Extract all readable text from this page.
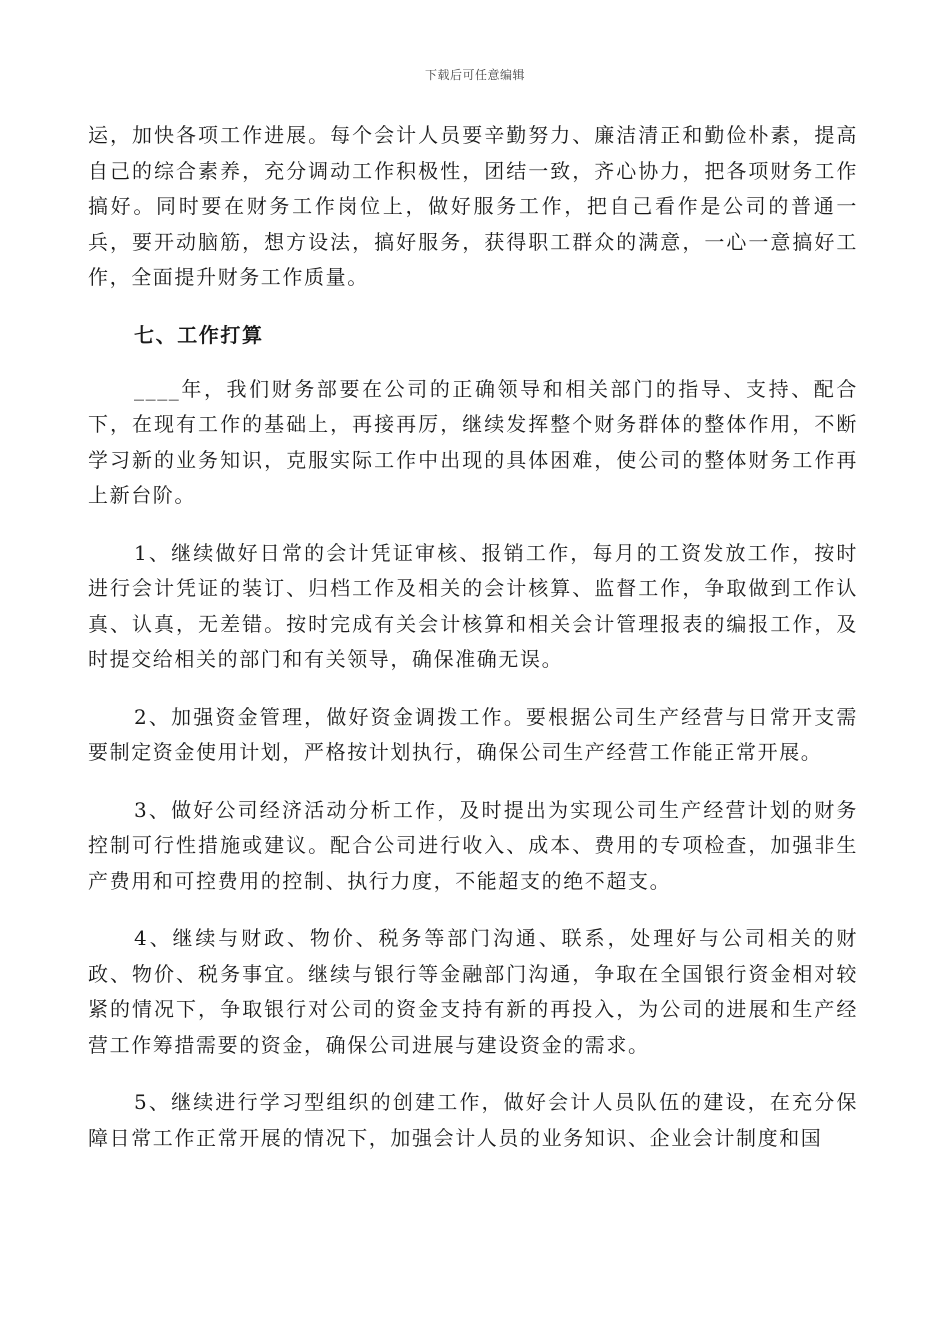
下载后可任意编辑

运，加快各项工作进展。每个会计人员要辛勤努力、廉洁清正和勤俭朴素，提高自己的综合素养，充分调动工作积极性，团结一致，齐心协力，把各项财务工作搞好。同时要在财务工作岗位上，做好服务工作，把自己看作是公司的普通一兵，要开动脑筋，想方设法，搞好服务，获得职工群众的满意，一心一意搞好工作，全面提升财务工作质量。

七、工作打算

____年，我们财务部要在公司的正确领导和相关部门的指导、支持、配合下，在现有工作的基础上，再接再厉，继续发挥整个财务群体的整体作用，不断学习新的业务知识，克服实际工作中出现的具体困难，使公司的整体财务工作再上新台阶。

1、继续做好日常的会计凭证审核、报销工作，每月的工资发放工作，按时进行会计凭证的装订、归档工作及相关的会计核算、监督工作，争取做到工作认真、认真，无差错。按时完成有关会计核算和相关会计管理报表的编报工作，及时提交给相关的部门和有关领导，确保准确无误。

2、加强资金管理，做好资金调拨工作。要根据公司生产经营与日常开支需要制定资金使用计划，严格按计划执行，确保公司生产经营工作能正常开展。

3、做好公司经济活动分析工作，及时提出为实现公司生产经营计划的财务控制可行性措施或建议。配合公司进行收入、成本、费用的专项检查，加强非生产费用和可控费用的控制、执行力度，不能超支的绝不超支。

4、继续与财政、物价、税务等部门沟通、联系，处理好与公司相关的财政、物价、税务事宜。继续与银行等金融部门沟通，争取在全国银行资金相对较紧的情况下，争取银行对公司的资金支持有新的再投入，为公司的进展和生产经营工作筹措需要的资金，确保公司进展与建设资金的需求。

5、继续进行学习型组织的创建工作，做好会计人员队伍的建设，在充分保障日常工作正常开展的情况下，加强会计人员的业务知识、企业会计制度和国
